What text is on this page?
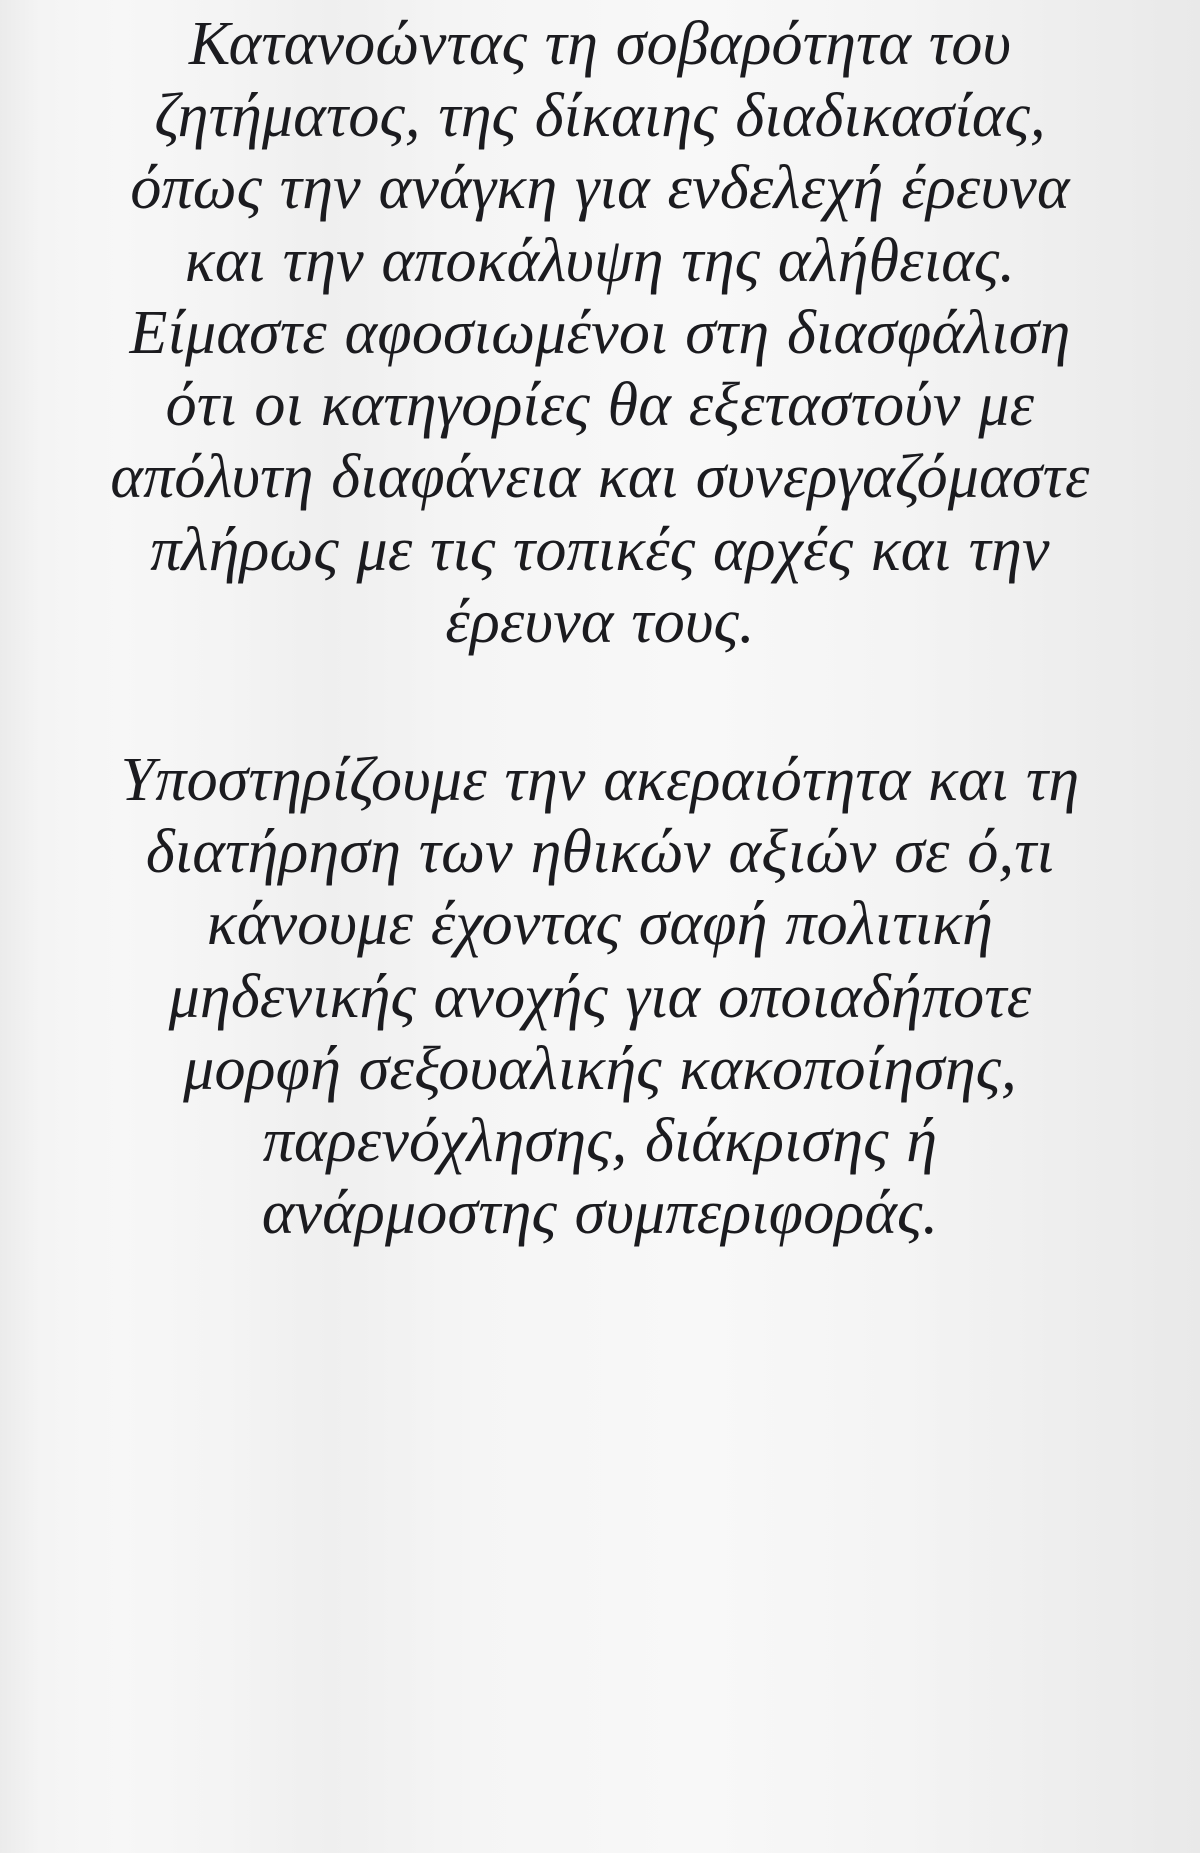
Κατανοώντας τη σοβαρότητα του ζητήματος, της δίκαιης διαδικασίας, όπως την ανάγκη για ενδελεχή έρευνα και την αποκάλυψη της αλήθειας. Είμαστε αφοσιωμένοι στη διασφάλιση ότι οι κατηγορίες θα εξεταστούν με απόλυτη διαφάνεια και συνεργαζόμαστε πλήρως με τις τοπικές αρχές και την έρευνα τους.

Υποστηρίζουμε την ακεραιότητα και τη διατήρηση των ηθικών αξιών σε ό,τι κάνουμε έχοντας σαφή πολιτική μηδενικής ανοχής για οποιαδήποτε μορφή σεξουαλικής κακοποίησης, παρενόχλησης, διάκρισης ή ανάρμοστης συμπεριφοράς.
